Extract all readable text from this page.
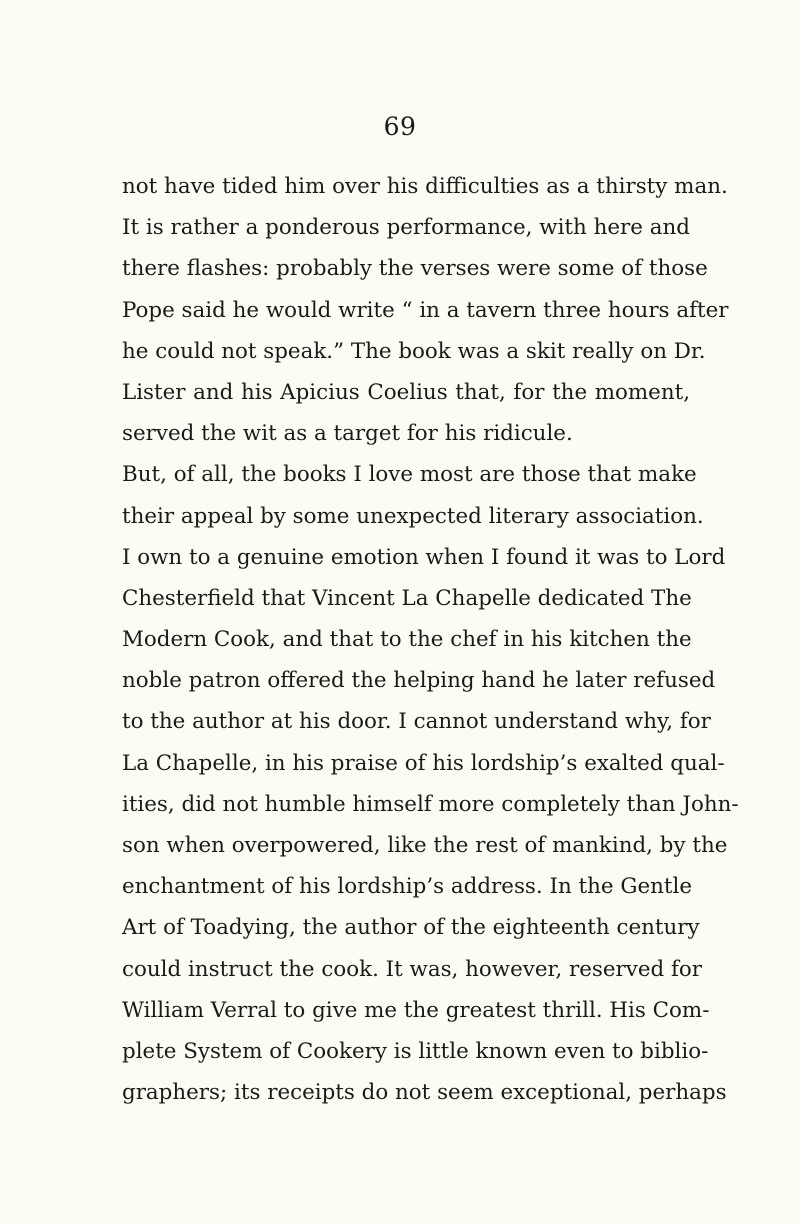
69
not have tided him over his difficulties as a thirsty man.
It is rather a ponderous performance, with here and
there flashes: probably the verses were some of those
Pope said he would write “ in a tavern three hours after
he could not speak.” The book was a skit really on Dr.
Lister and his Apicius Coelius that, for the moment,
served the wit as a target for his ridicule.
But, of all, the books I love most are those that make
their appeal by some unexpected literary association.
I own to a genuine emotion when I found it was to Lord
Chesterfield that Vincent La Chapelle dedicated The
Modern Cook, and that to the chef in his kitchen the
noble patron offered the helping hand he later refused
to the author at his door. I cannot understand why, for
La Chapelle, in his praise of his lordship’s exalted qual-
ities, did not humble himself more completely than John-
son when overpowered, like the rest of mankind, by the
enchantment of his lordship’s address. In the Gentle
Art of Toadying, the author of the eighteenth century
could instruct the cook. It was, however, reserved for
William Verral to give me the greatest thrill. His Com-
plete System of Cookery is little known even to biblio-
graphers; its receipts do not seem exceptional, perhaps
